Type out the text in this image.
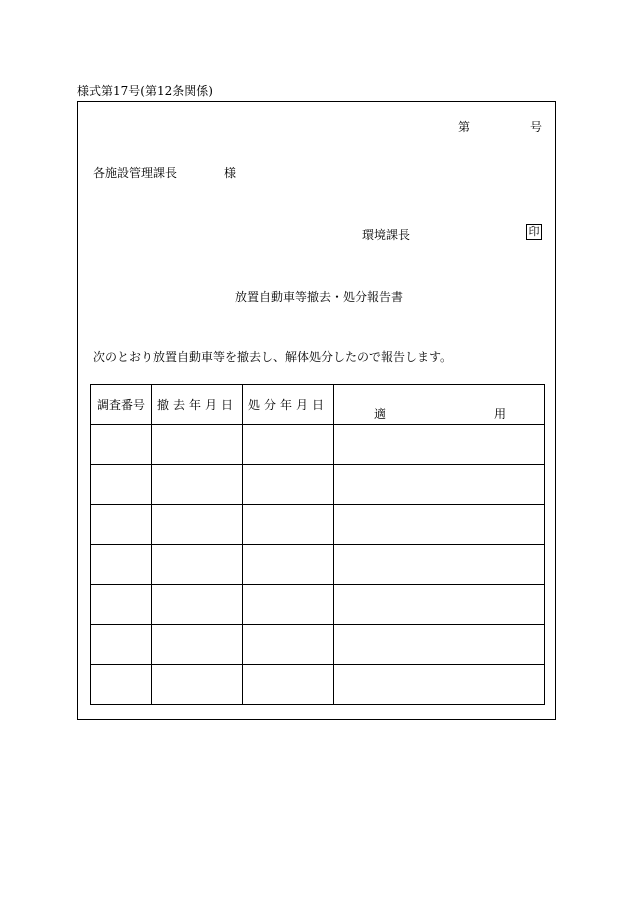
様式第17号(第12条関係)
第	号
各施設管理課長	様
環境課長	印
放置自動車等撤去・処分報告書
次のとおり放置自動車等を撤去し、解体処分したので報告します。
調査番号	撤去年月日	処分年月日	適 用
